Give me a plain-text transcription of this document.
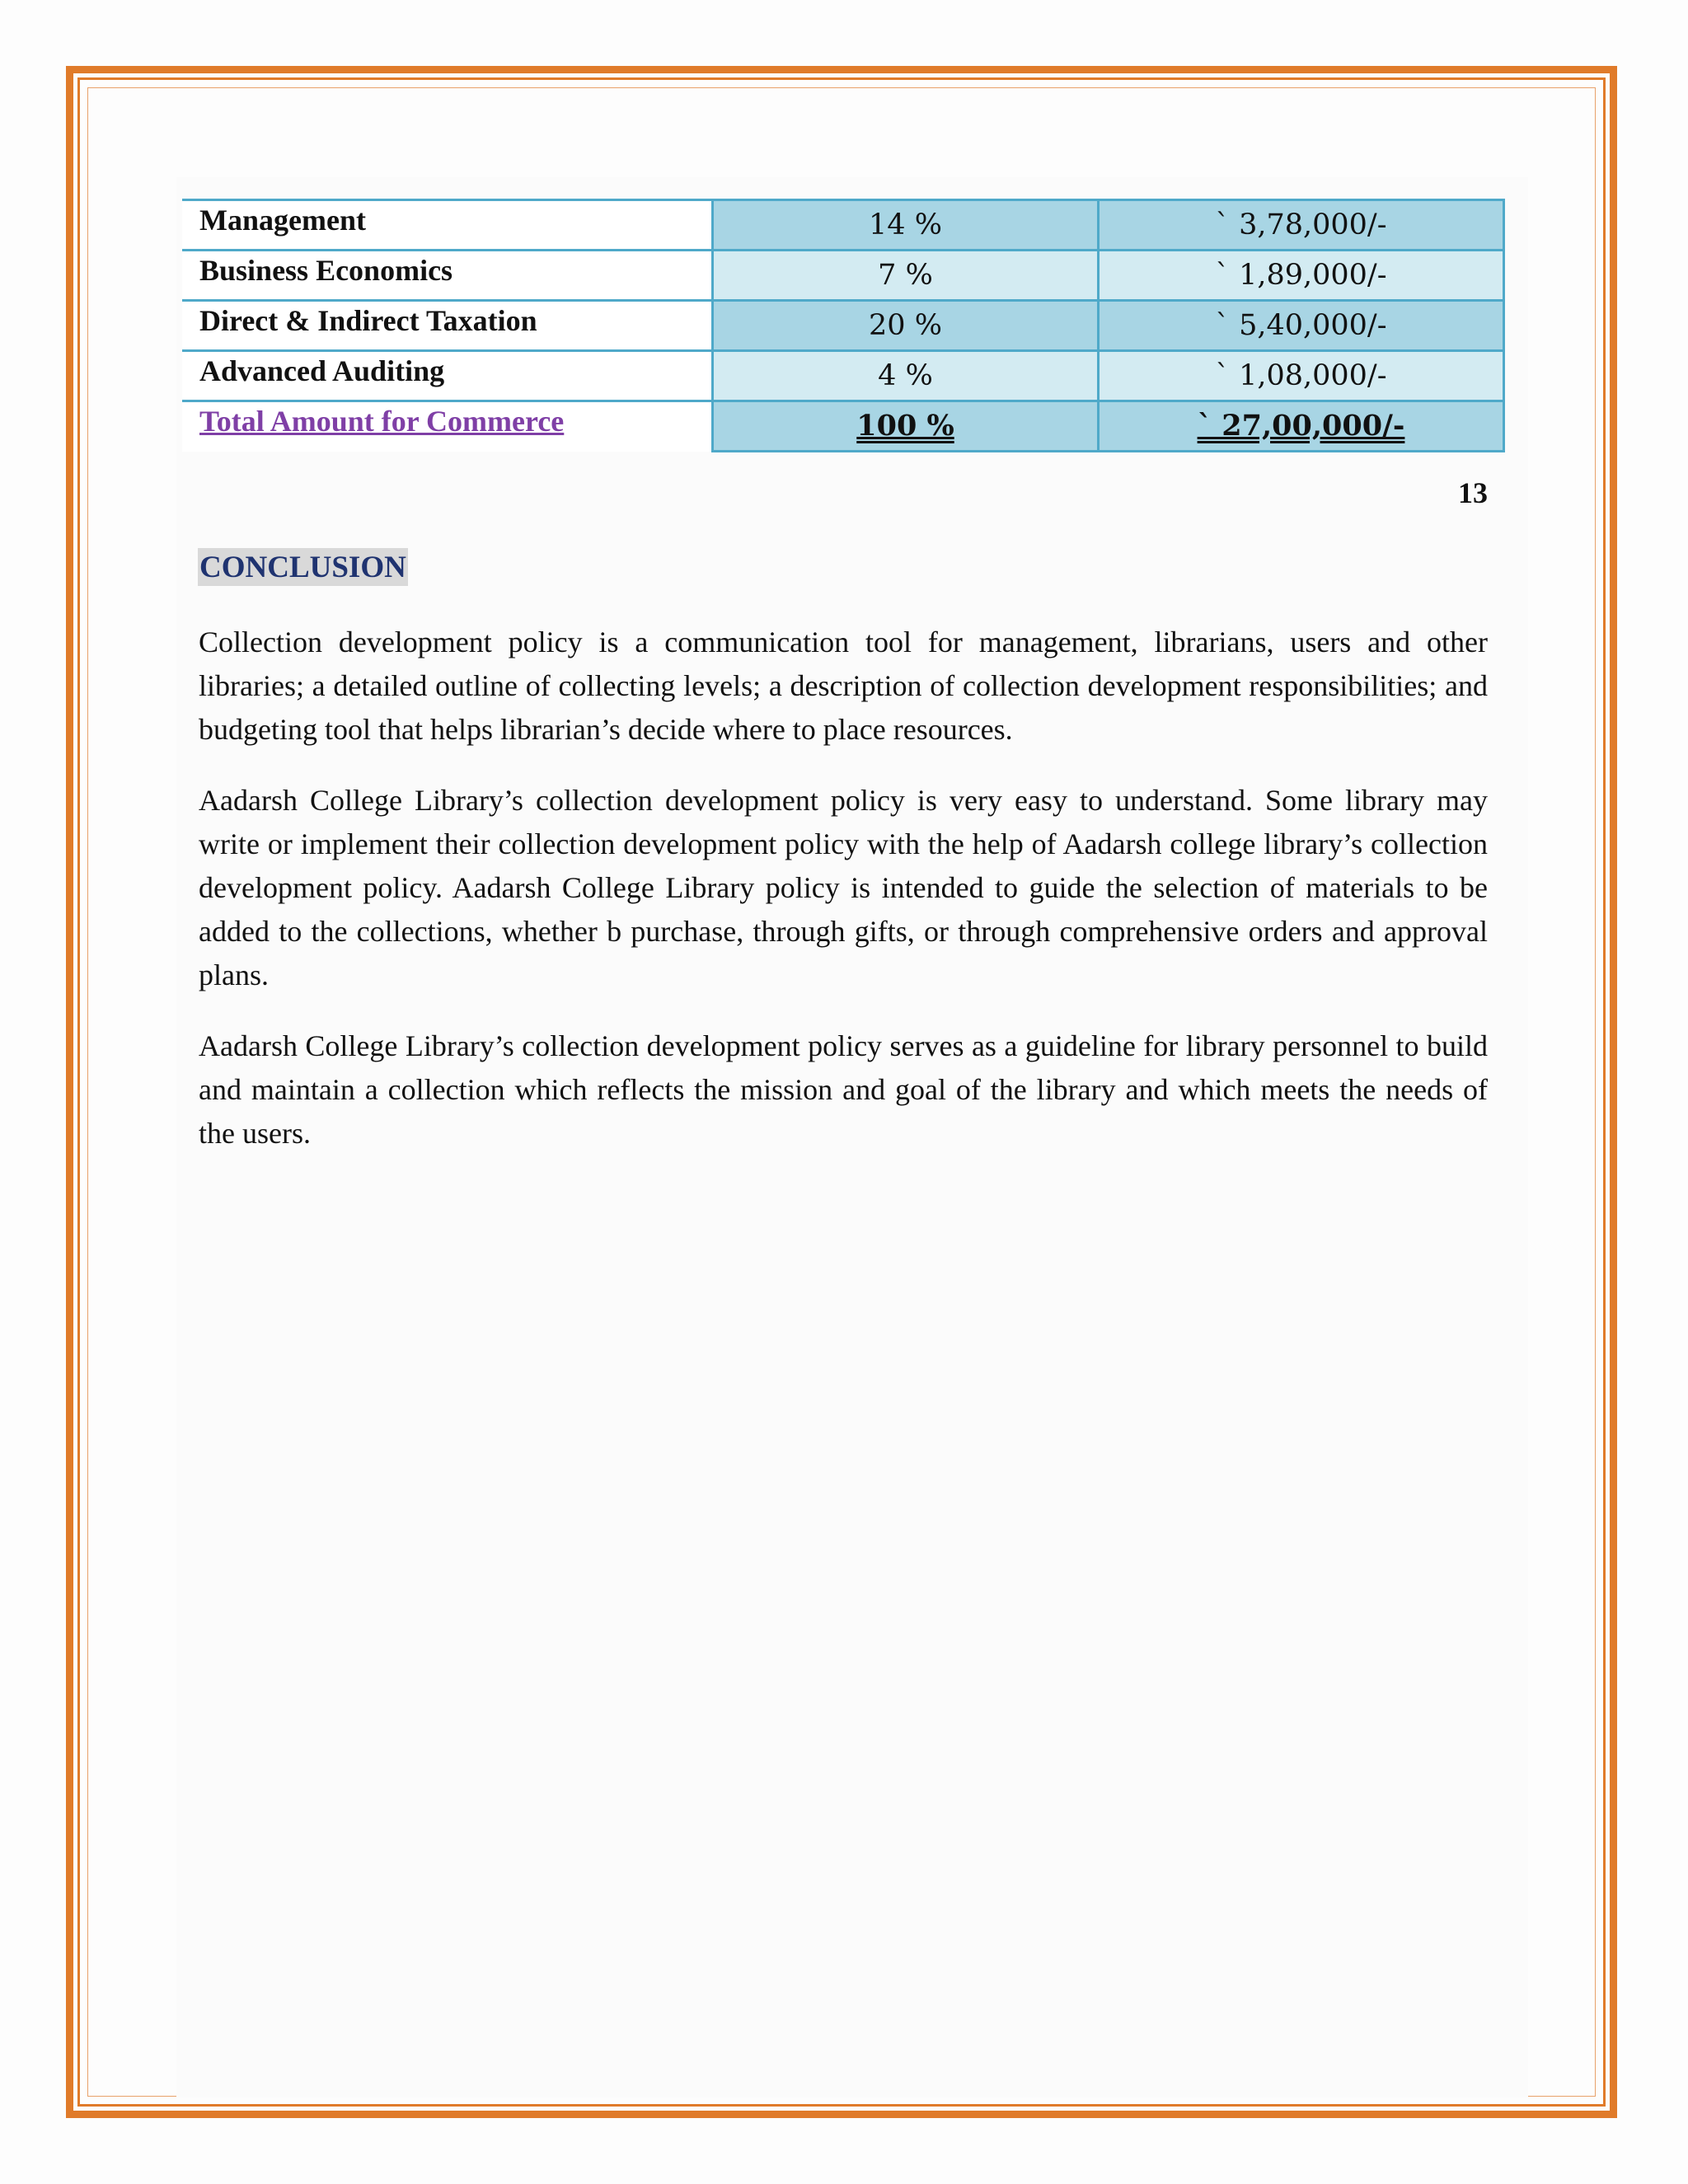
Management	14 %	` 3,78,000/-
Business Economics	7 %	` 1,89,000/-
Direct & Indirect Taxation	20 %	` 5,40,000/-
Advanced Auditing	4 %	` 1,08,000/-
Total Amount for Commerce	100 %	` 27,00,000/-
13
CONCLUSION

Collection development policy is a communication tool for management, librarians, users and other libraries; a detailed outline of collecting levels; a description of collection development responsibilities; and budgeting tool that helps librarian’s decide where to place resources.

Aadarsh College Library’s collection development policy is very easy to understand. Some library may write or implement their collection development policy with the help of Aadarsh college library’s collection development policy. Aadarsh College Library policy is intended to guide the selection of materials to be added to the collections, whether b purchase, through gifts, or through comprehensive orders and approval plans.

Aadarsh College Library’s collection development policy serves as a guideline for library personnel to build and maintain a collection which reflects the mission and goal of the library and which meets the needs of the users.
